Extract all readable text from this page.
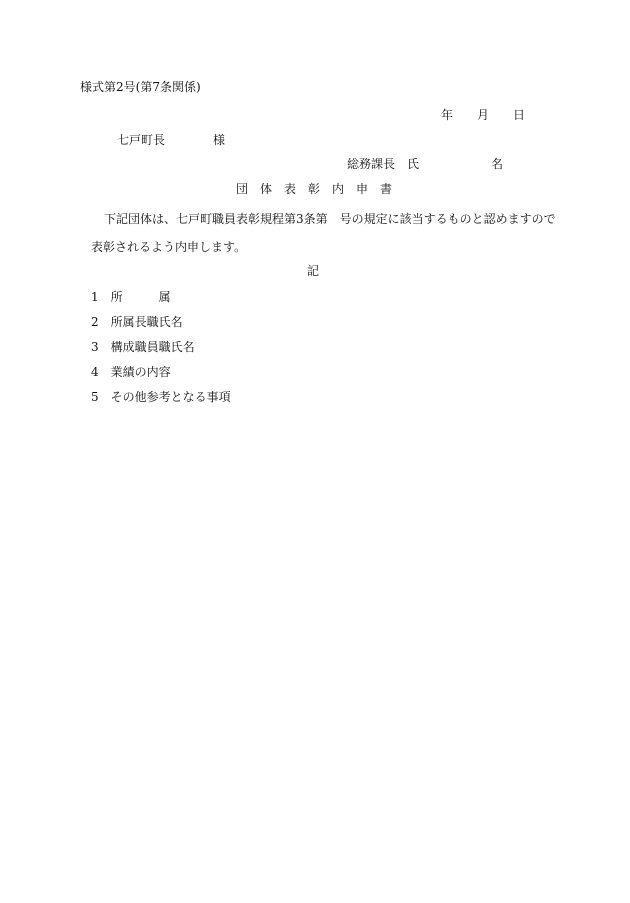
様式第2号(第7条関係)
年　　月　　日
七戸町長　　　　様
総務課長　氏　　　　　　名
団　体　表　彰　内　申　書
下記団体は、七戸町職員表彰規程第3条第　号の規定に該当するものと認めますので
表彰されるよう内申します。
記
1　所　　　属
2　所属長職氏名
3　構成職員職氏名
4　業績の内容
5　その他参考となる事項
